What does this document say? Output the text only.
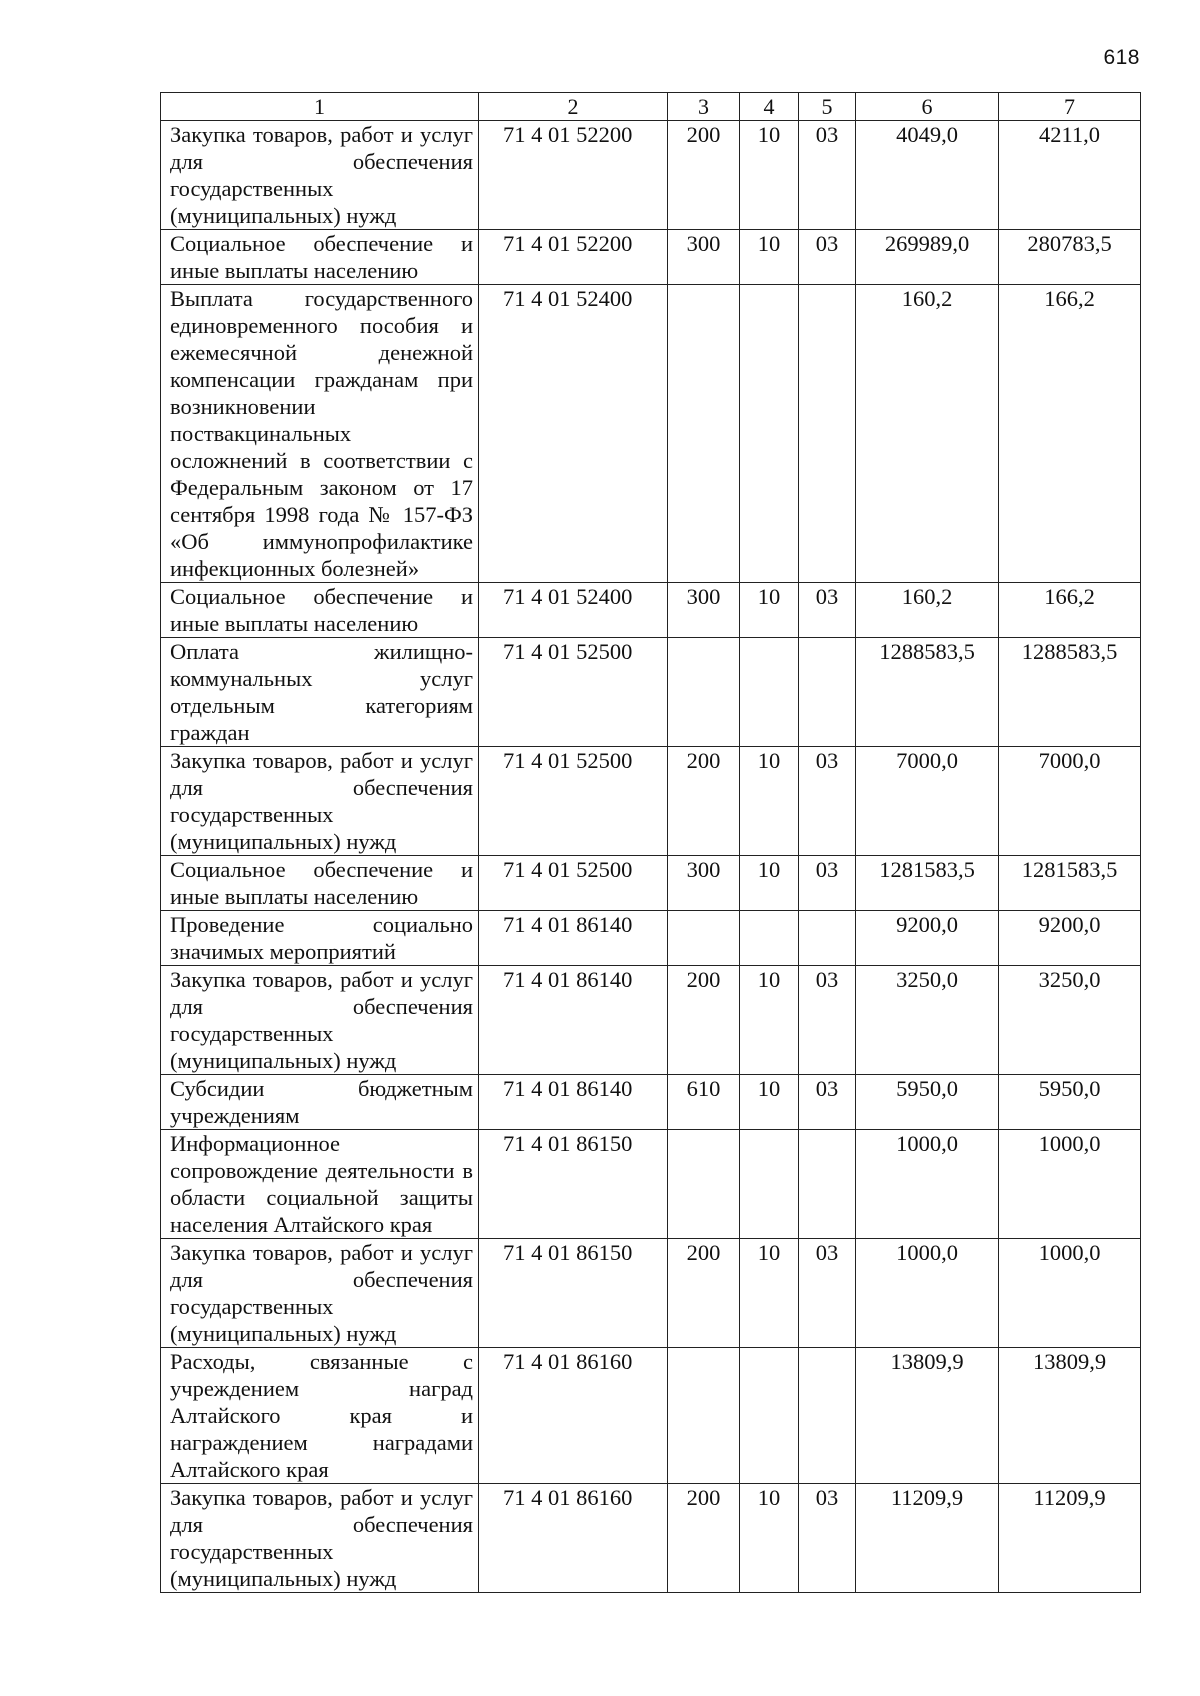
618
1	2	3	4	5	6	7
Закупка товаров, работ и услуг для обеспечения государственных (муниципальных) нужд	71 4 01 52200	200	10	03	4049,0	4211,0
Социальное обеспечение и иные выплаты населению	71 4 01 52200	300	10	03	269989,0	280783,5
Выплата государственного единовременного пособия и ежемесячной денежной компенсации гражданам при возникновении поствакцинальных осложнений в соответствии с Федеральным законом от 17 сентября 1998 года № 157-ФЗ «Об иммунопрофилактике инфекционных болезней»	71 4 01 52400				160,2	166,2
Социальное обеспечение и иные выплаты населению	71 4 01 52400	300	10	03	160,2	166,2
Оплата жилищно-коммунальных услуг отдельным категориям граждан	71 4 01 52500				1288583,5	1288583,5
Закупка товаров, работ и услуг для обеспечения государственных (муниципальных) нужд	71 4 01 52500	200	10	03	7000,0	7000,0
Социальное обеспечение и иные выплаты населению	71 4 01 52500	300	10	03	1281583,5	1281583,5
Проведение социально значимых мероприятий	71 4 01 86140				9200,0	9200,0
Закупка товаров, работ и услуг для обеспечения государственных (муниципальных) нужд	71 4 01 86140	200	10	03	3250,0	3250,0
Субсидии бюджетным учреждениям	71 4 01 86140	610	10	03	5950,0	5950,0
Информационное сопровождение деятельности в области социальной защиты населения Алтайского края	71 4 01 86150				1000,0	1000,0
Закупка товаров, работ и услуг для обеспечения государственных (муниципальных) нужд	71 4 01 86150	200	10	03	1000,0	1000,0
Расходы, связанные с учреждением наград Алтайского края и награждением наградами Алтайского края	71 4 01 86160				13809,9	13809,9
Закупка товаров, работ и услуг для обеспечения государственных (муниципальных) нужд	71 4 01 86160	200	10	03	11209,9	11209,9
